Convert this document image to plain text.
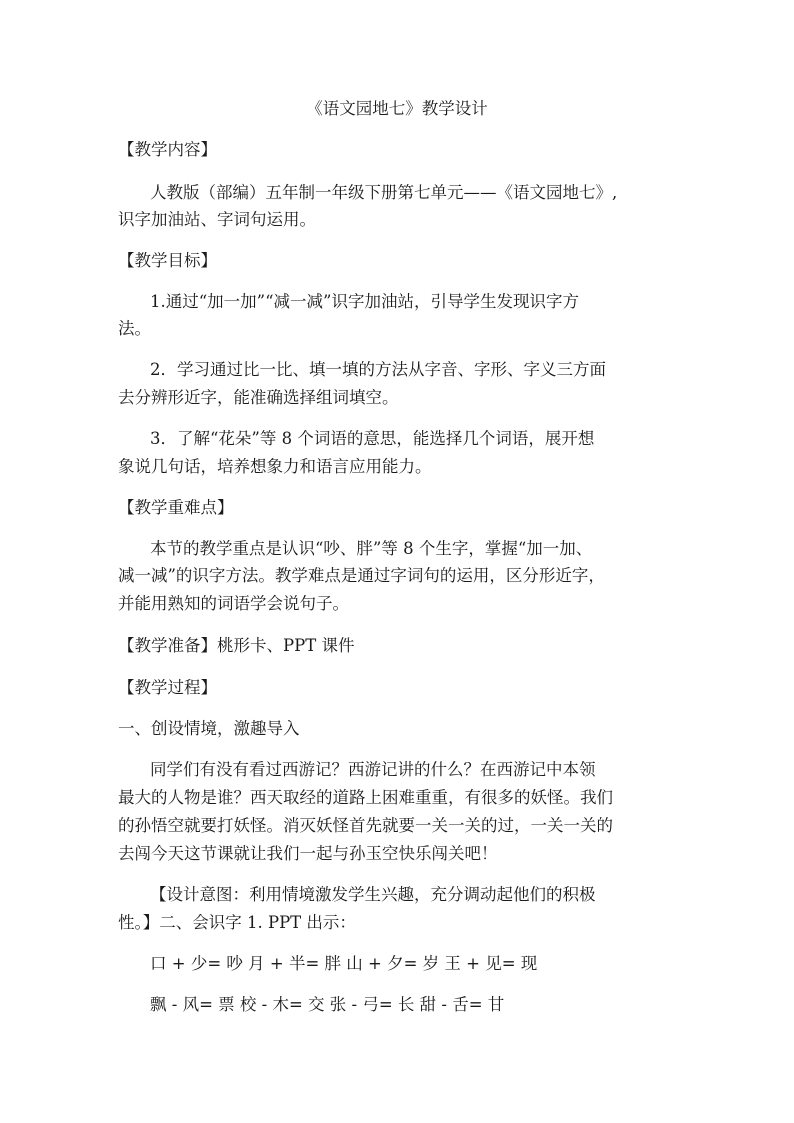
《语文园地七》教学设计
【教学内容】
人教版（部编）五年制一年级下册第七单元——《语文园地七》,
识字加油站、字词句运用。
【教学目标】
1.通过“加一加”“减一减”识字加油站，引导学生发现识字方
法。
2．学习通过比一比、填一填的方法从字音、字形、字义三方面
去分辨形近字，能准确选择组词填空。
3．了解“花朵”等 8 个词语的意思，能选择几个词语，展开想
象说几句话，培养想象力和语言应用能力。
【教学重难点】
本节的教学重点是认识“吵、胖”等 8 个生字，掌握“加一加、
减一减”的识字方法。教学难点是通过字词句的运用，区分形近字，
并能用熟知的词语学会说句子。
【教学准备】桃形卡、PPT 课件
【教学过程】
一、创设情境，激趣导入
同学们有没有看过西游记？西游记讲的什么？在西游记中本领
最大的人物是谁？西天取经的道路上困难重重，有很多的妖怪。我们
的孙悟空就要打妖怪。消灭妖怪首先就要一关一关的过，一关一关的
去闯今天这节课就让我们一起与孙玉空快乐闯关吧！
【设计意图：利用情境激发学生兴趣，充分调动起他们的积极
性。】二、会识字 1. PPT 出示：
口 + 少= 吵 月 + 半= 胖 山 + 夕= 岁 王 + 见= 现
飘 - 风= 票 校 - 木= 交 张 - 弓= 长 甜 - 舌= 甘
